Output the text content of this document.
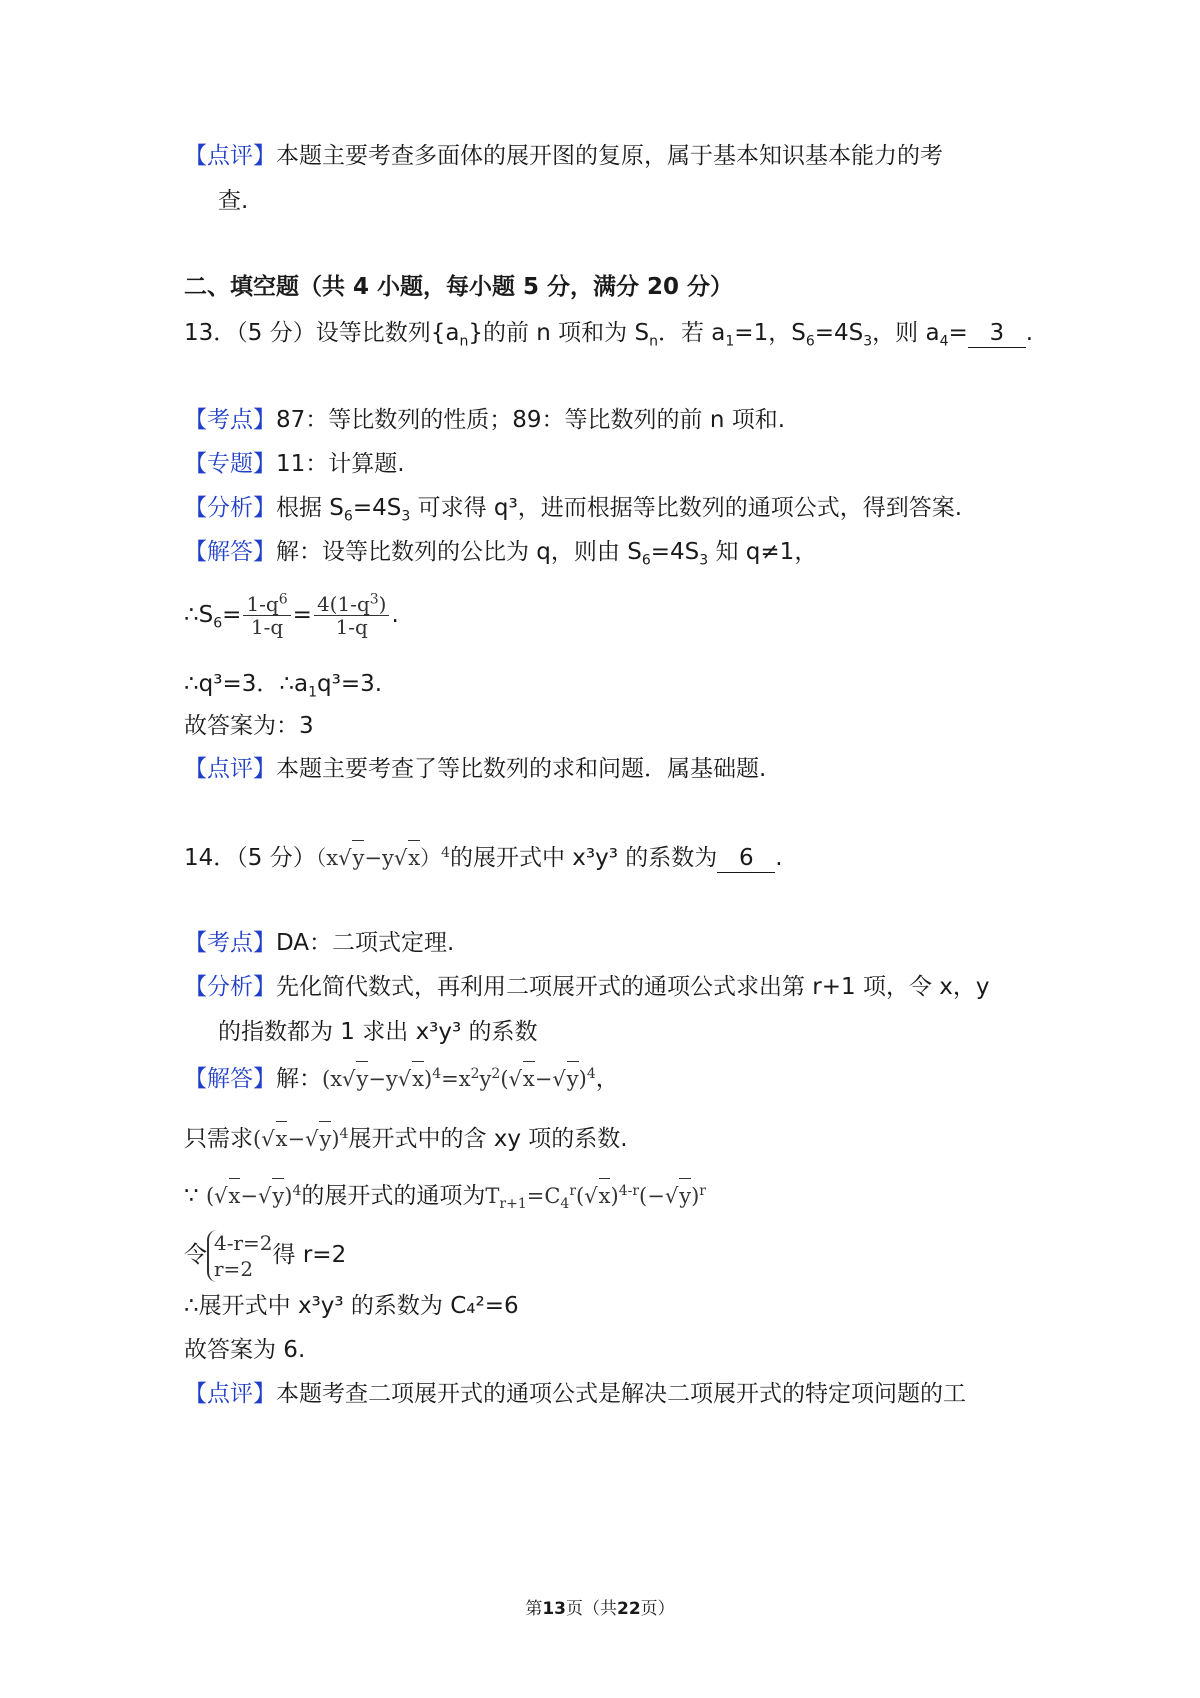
【点评】本题主要考查多面体的展开图的复原，属于基本知识基本能力的考
查.
二、填空题（共 4 小题，每小题 5 分，满分 20 分）
13．（5 分）设等比数列$\{a_n\}$的前 n 项和为 $S_n$．若 $a_1=1$，$S_6=4S_3$，则 $a_4= 3$ .
【考点】87：等比数列的性质；89：等比数列的前 n 项和.
【专题】11：计算题.
【分析】根据 $S_6=4S_3$ 可求得 q³，进而根据等比数列的通项公式，得到答案.
【解答】解：设等比数列的公比为 q，则由 $S_6=4S_3$ 知 q≠1，
$\therefore S_6= \frac{1-q^6}{1-q} = \frac{4(1-q^3)}{1-q}$ .
∴q³=3．$\therefore a_1q^3=3$.
故答案为：3
【点评】本题主要考查了等比数列的求和问题．属基础题.
14．（5 分）$(x√y-y√x)^4$的展开式中 x³y³ 的系数为 6 .
【考点】DA：二项式定理.
【分析】先化简代数式，再利用二项展开式的通项公式求出第 r+1 项，令 x，y
的指数都为 1 求出 x³y³ 的系数
【解答】解：$(x√y-y√x)^4=x^2y^2(√x-√y)^4$，
只需求$(√x-√y)^4$展开式中的含 xy 项的系数.
∵ $(√x-√y)^4$的展开式的通项为$T_{r+1}=C_4^r(√x)^{4-r}(-√y)^r$
令 4-r=2
r=2得 r=2
∴展开式中 x³y³ 的系数为 C₄²=6
故答案为 6.
【点评】本题考查二项展开式的通项公式是解决二项展开式的特定项问题的工
第13页（共22页）
